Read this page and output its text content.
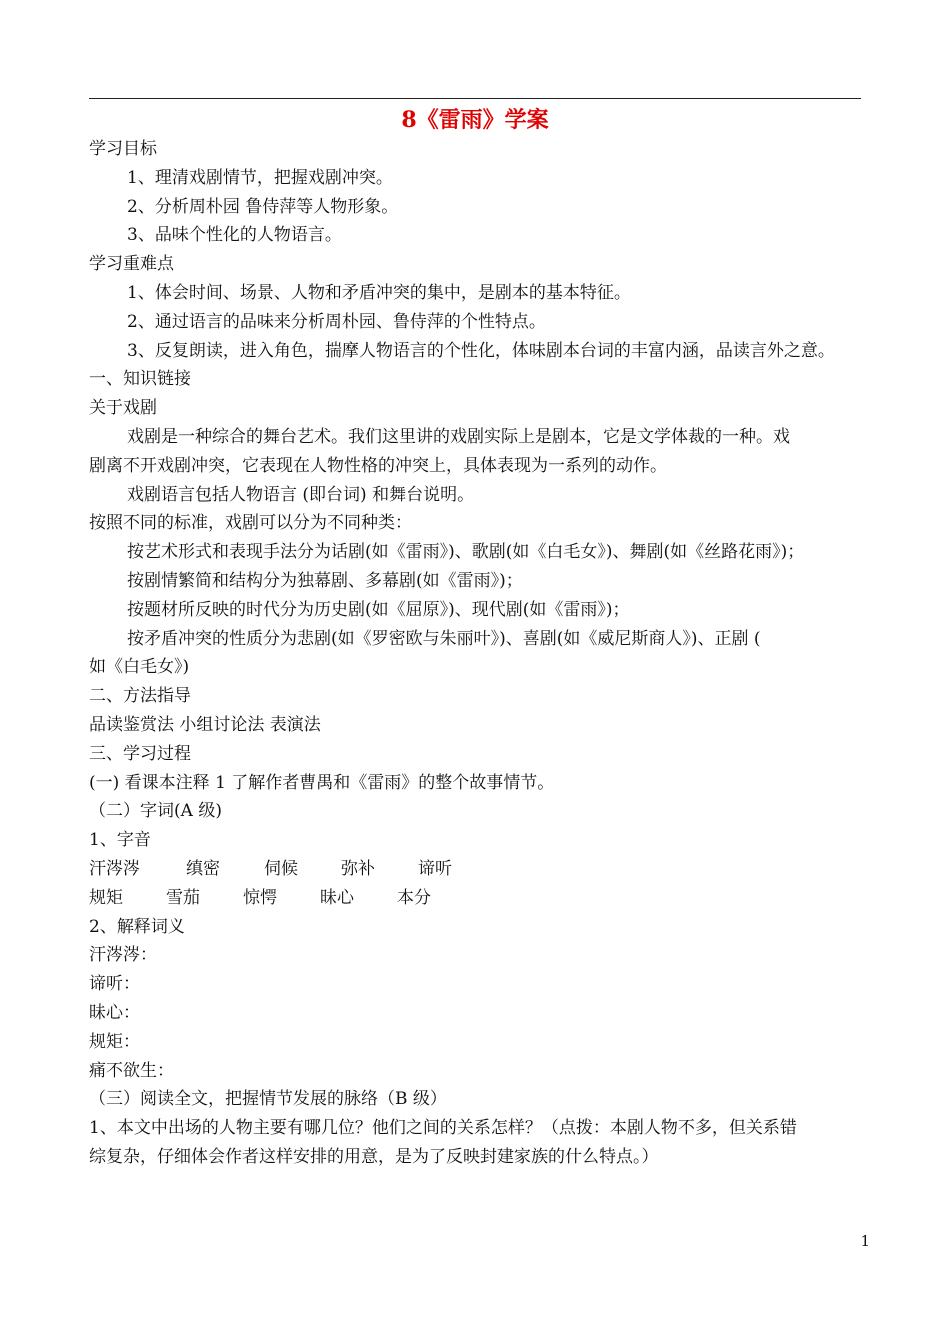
8《雷雨》学案
学习目标
1、理清戏剧情节，把握戏剧冲突。
2、分析周朴园 鲁侍萍等人物形象。
3、品味个性化的人物语言。
学习重难点
1、体会时间、场景、人物和矛盾冲突的集中，是剧本的基本特征。
2、通过语言的品味来分析周朴园、鲁侍萍的个性特点。
3、反复朗读，进入角色，揣摩人物语言的个性化，体味剧本台词的丰富内涵，品读言外之意。
一、知识链接
关于戏剧
戏剧是一种综合的舞台艺术。我们这里讲的戏剧实际上是剧本，它是文学体裁的一种。戏
剧离不开戏剧冲突，它表现在人物性格的冲突上，具体表现为一系列的动作。
戏剧语言包括人物语言 (即台词) 和舞台说明。
按照不同的标准，戏剧可以分为不同种类：
按艺术形式和表现手法分为话剧(如《雷雨》)、歌剧(如《白毛女》)、舞剧(如《丝路花雨》)；
按剧情繁简和结构分为独幕剧、多幕剧(如《雷雨》)；
按题材所反映的时代分为历史剧(如《屈原》)、现代剧(如《雷雨》)；
按矛盾冲突的性质分为悲剧(如《罗密欧与朱丽叶》)、喜剧(如《威尼斯商人》)、正剧 (
如《白毛女》)
二、方法指导
品读鉴赏法 小组讨论法 表演法
三、学习过程
(一) 看课本注释 1 了解作者曹禺和《雷雨》的整个故事情节。
（二）字词(A 级)
1、字音
汗涔涔	缜密	伺候	弥补	谛听
规矩	雪茄	惊愕	昧心	本分
2、解释词义
汗涔涔：
谛听：
昧心：
规矩：
痛不欲生：
（三）阅读全文，把握情节发展的脉络（B 级）
1、本文中出场的人物主要有哪几位？他们之间的关系怎样？（点拨：本剧人物不多，但关系错
综复杂，仔细体会作者这样安排的用意，是为了反映封建家族的什么特点。）
1
